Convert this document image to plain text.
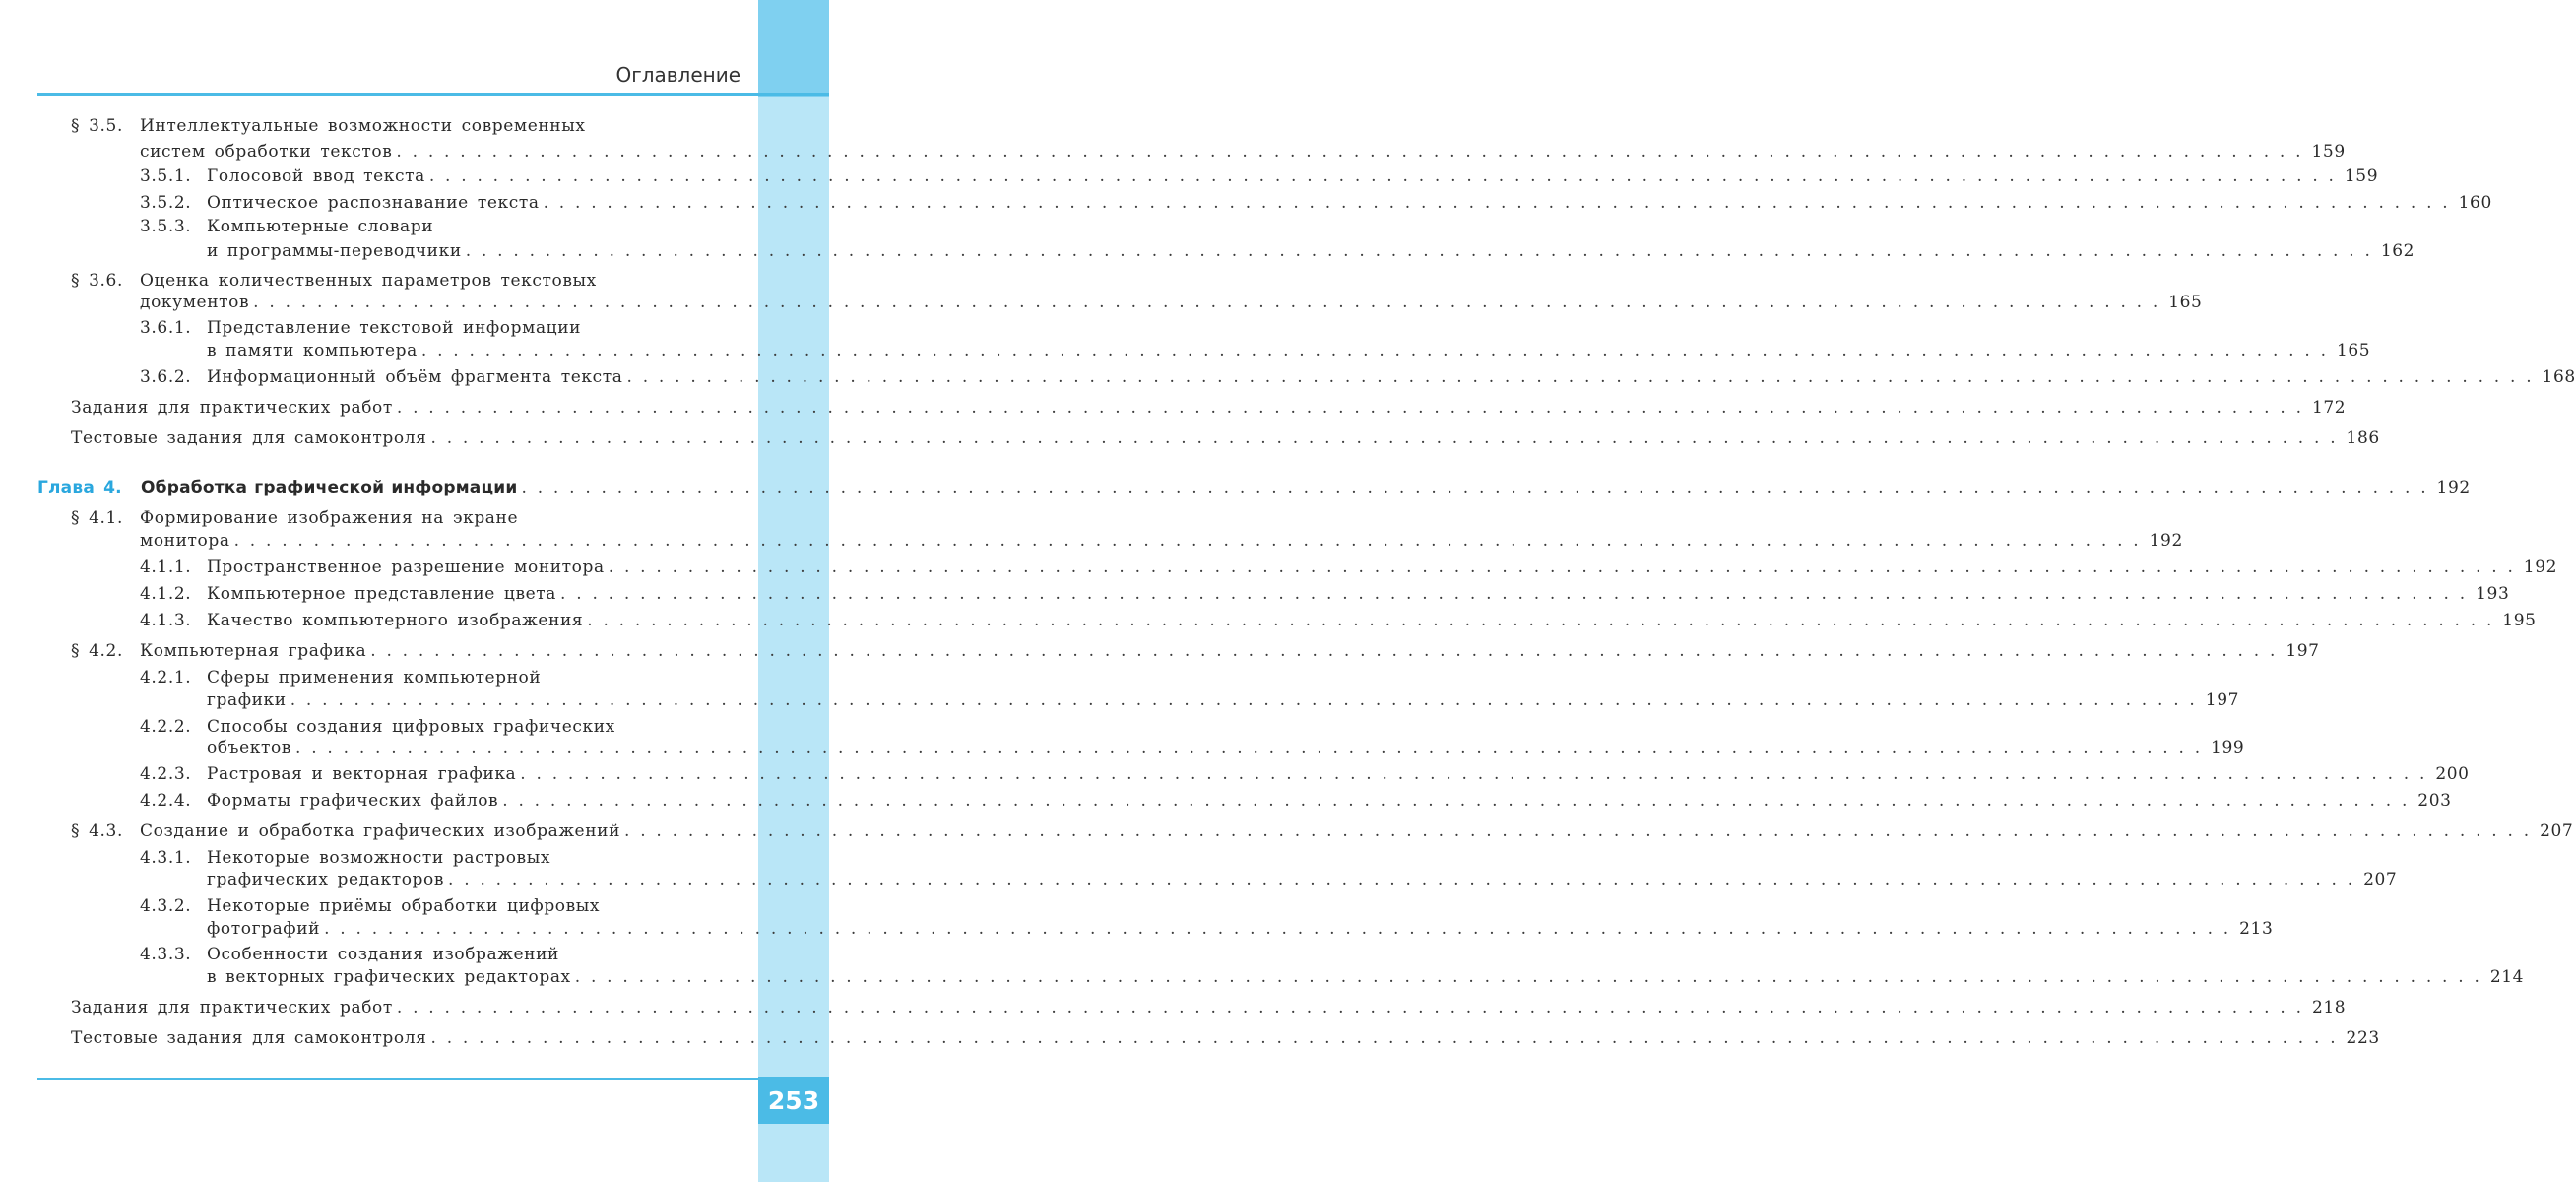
Оглавление
§ 3.5.	Интеллектуальные возможности современных
систем обработки текстов . . . . . . . . . . . . . . . . . . . . . . . . . . . . . . . . . . . . . . . . . . . . . . . . . . . . . . . . . . . . . . . . . . . . . . . . . . . . . . . . . . . . . . . . . . . . . . . . . . . . . . . . . . . . . . . . . . . . . . . . 159
3.5.1. Голосовой ввод текста . . . . . . . . . . . . . . . . . . . . . . . . . . . . . . . . . . . . . . . . . . . . . . . . . . . . . . . . . . . . . . . . . . . . . . . . . . . . . . . . . . . . . . . . . . . . . . . . . . . . . . . . . . . . . . . . . . . . . . . . 159
3.5.2. Оптическое распознавание текста . . . . . . . . . . . . . . . . . . . . . . . . . . . . . . . . . . . . . . . . . . . . . . . . . . . . . . . . . . . . . . . . . . . . . . . . . . . . . . . . . . . . . . . . . . . . . . . . . . . . . . . . . . . . . . . . . . . . . . . . 160
3.5.3. Компьютерные словари
и программы-переводчики . . . . . . . . . . . . . . . . . . . . . . . . . . . . . . . . . . . . . . . . . . . . . . . . . . . . . . . . . . . . . . . . . . . . . . . . . . . . . . . . . . . . . . . . . . . . . . . . . . . . . . . . . . . . . . . . . . . . . . . . 162
§ 3.6.	Оценка количественных параметров текстовых
документов . . . . . . . . . . . . . . . . . . . . . . . . . . . . . . . . . . . . . . . . . . . . . . . . . . . . . . . . . . . . . . . . . . . . . . . . . . . . . . . . . . . . . . . . . . . . . . . . . . . . . . . . . . . . . . . . . . . . . . . . 165
3.6.1. Представление текстовой информации
в памяти компьютера . . . . . . . . . . . . . . . . . . . . . . . . . . . . . . . . . . . . . . . . . . . . . . . . . . . . . . . . . . . . . . . . . . . . . . . . . . . . . . . . . . . . . . . . . . . . . . . . . . . . . . . . . . . . . . . . . . . . . . . . 165
3.6.2. Информационный объём фрагмента текста . . . . . . . . . . . . . . . . . . . . . . . . . . . . . . . . . . . . . . . . . . . . . . . . . . . . . . . . . . . . . . . . . . . . . . . . . . . . . . . . . . . . . . . . . . . . . . . . . . . . . . . . . . . . . . . . . . . . . . . . 168
Задания для практических работ . . . . . . . . . . . . . . . . . . . . . . . . . . . . . . . . . . . . . . . . . . . . . . . . . . . . . . . . . . . . . . . . . . . . . . . . . . . . . . . . . . . . . . . . . . . . . . . . . . . . . . . . . . . . . . . . . . . . . . . . 172
Тестовые задания для самоконтроля . . . . . . . . . . . . . . . . . . . . . . . . . . . . . . . . . . . . . . . . . . . . . . . . . . . . . . . . . . . . . . . . . . . . . . . . . . . . . . . . . . . . . . . . . . . . . . . . . . . . . . . . . . . . . . . . . . . . . . . . 186
Глава 4.	Обработка графической информации . . . . . . . . . . . . . . . . . . . . . . . . . . . . . . . . . . . . . . . . . . . . . . . . . . . . . . . . . . . . . . . . . . . . . . . . . . . . . . . . . . . . . . . . . . . . . . . . . . . . . . . . . . . . . . . . . . . . . . . . 192
§ 4.1.	Формирование изображения на экране
монитора . . . . . . . . . . . . . . . . . . . . . . . . . . . . . . . . . . . . . . . . . . . . . . . . . . . . . . . . . . . . . . . . . . . . . . . . . . . . . . . . . . . . . . . . . . . . . . . . . . . . . . . . . . . . . . . . . . . . . . . . 192
4.1.1. Пространственное разрешение монитора . . . . . . . . . . . . . . . . . . . . . . . . . . . . . . . . . . . . . . . . . . . . . . . . . . . . . . . . . . . . . . . . . . . . . . . . . . . . . . . . . . . . . . . . . . . . . . . . . . . . . . . . . . . . . . . . . . . . . . . . 192
4.1.2. Компьютерное представление цвета . . . . . . . . . . . . . . . . . . . . . . . . . . . . . . . . . . . . . . . . . . . . . . . . . . . . . . . . . . . . . . . . . . . . . . . . . . . . . . . . . . . . . . . . . . . . . . . . . . . . . . . . . . . . . . . . . . . . . . . . 193
4.1.3. Качество компьютерного изображения . . . . . . . . . . . . . . . . . . . . . . . . . . . . . . . . . . . . . . . . . . . . . . . . . . . . . . . . . . . . . . . . . . . . . . . . . . . . . . . . . . . . . . . . . . . . . . . . . . . . . . . . . . . . . . . . . . . . . . . . 195
§ 4.2.	Компьютерная графика . . . . . . . . . . . . . . . . . . . . . . . . . . . . . . . . . . . . . . . . . . . . . . . . . . . . . . . . . . . . . . . . . . . . . . . . . . . . . . . . . . . . . . . . . . . . . . . . . . . . . . . . . . . . . . . . . . . . . . . . 197
4.2.1. Сферы применения компьютерной
графики . . . . . . . . . . . . . . . . . . . . . . . . . . . . . . . . . . . . . . . . . . . . . . . . . . . . . . . . . . . . . . . . . . . . . . . . . . . . . . . . . . . . . . . . . . . . . . . . . . . . . . . . . . . . . . . . . . . . . . . . 197
4.2.2. Способы создания цифровых графических
объектов . . . . . . . . . . . . . . . . . . . . . . . . . . . . . . . . . . . . . . . . . . . . . . . . . . . . . . . . . . . . . . . . . . . . . . . . . . . . . . . . . . . . . . . . . . . . . . . . . . . . . . . . . . . . . . . . . . . . . . . . 199
4.2.3. Растровая и векторная графика . . . . . . . . . . . . . . . . . . . . . . . . . . . . . . . . . . . . . . . . . . . . . . . . . . . . . . . . . . . . . . . . . . . . . . . . . . . . . . . . . . . . . . . . . . . . . . . . . . . . . . . . . . . . . . . . . . . . . . . . 200
4.2.4. Форматы графических файлов . . . . . . . . . . . . . . . . . . . . . . . . . . . . . . . . . . . . . . . . . . . . . . . . . . . . . . . . . . . . . . . . . . . . . . . . . . . . . . . . . . . . . . . . . . . . . . . . . . . . . . . . . . . . . . . . . . . . . . . . 203
§ 4.3.	Создание и обработка графических изображений . . . . . . . . . . . . . . . . . . . . . . . . . . . . . . . . . . . . . . . . . . . . . . . . . . . . . . . . . . . . . . . . . . . . . . . . . . . . . . . . . . . . . . . . . . . . . . . . . . . . . . . . . . . . . . . . . . . . . . . . 207
4.3.1. Некоторые возможности растровых
графических редакторов . . . . . . . . . . . . . . . . . . . . . . . . . . . . . . . . . . . . . . . . . . . . . . . . . . . . . . . . . . . . . . . . . . . . . . . . . . . . . . . . . . . . . . . . . . . . . . . . . . . . . . . . . . . . . . . . . . . . . . . . 207
4.3.2. Некоторые приёмы обработки цифровых
фотографий . . . . . . . . . . . . . . . . . . . . . . . . . . . . . . . . . . . . . . . . . . . . . . . . . . . . . . . . . . . . . . . . . . . . . . . . . . . . . . . . . . . . . . . . . . . . . . . . . . . . . . . . . . . . . . . . . . . . . . . . 213
4.3.3. Особенности создания изображений
в векторных графических редакторах . . . . . . . . . . . . . . . . . . . . . . . . . . . . . . . . . . . . . . . . . . . . . . . . . . . . . . . . . . . . . . . . . . . . . . . . . . . . . . . . . . . . . . . . . . . . . . . . . . . . . . . . . . . . . . . . . . . . . . . . 214
Задания для практических работ . . . . . . . . . . . . . . . . . . . . . . . . . . . . . . . . . . . . . . . . . . . . . . . . . . . . . . . . . . . . . . . . . . . . . . . . . . . . . . . . . . . . . . . . . . . . . . . . . . . . . . . . . . . . . . . . . . . . . . . . 218
Тестовые задания для самоконтроля . . . . . . . . . . . . . . . . . . . . . . . . . . . . . . . . . . . . . . . . . . . . . . . . . . . . . . . . . . . . . . . . . . . . . . . . . . . . . . . . . . . . . . . . . . . . . . . . . . . . . . . . . . . . . . . . . . . . . . . . 223
253
